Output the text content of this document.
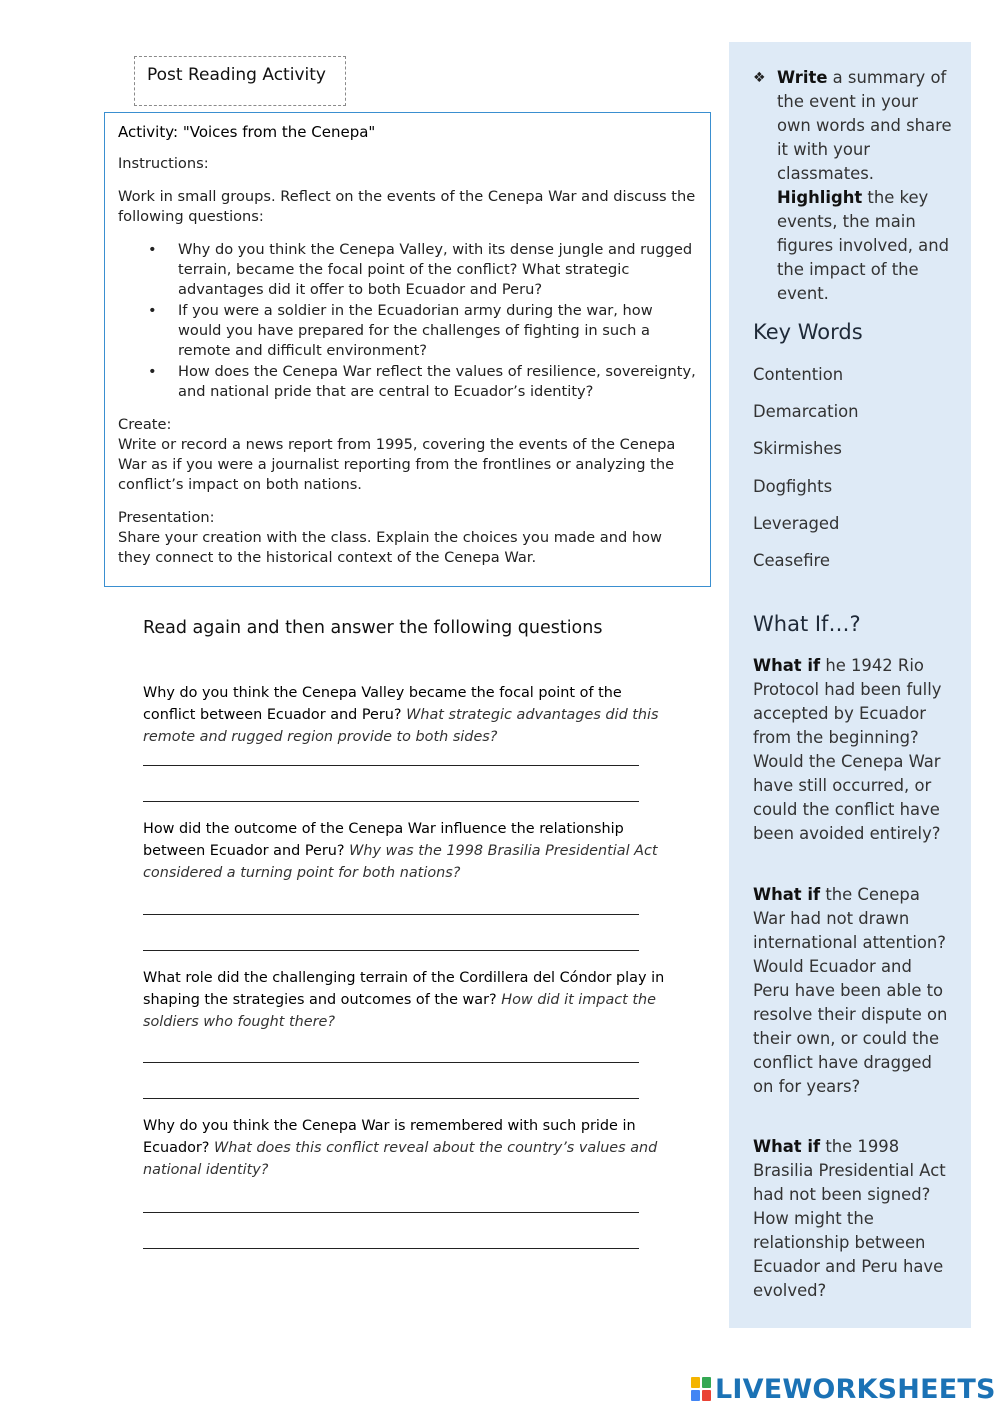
Post Reading Activity
Activity: "Voices from the Cenepa"

Instructions:

Work in small groups. Reflect on the events of the Cenepa War and discuss the following questions:

• Why do you think the Cenepa Valley, with its dense jungle and rugged terrain, became the focal point of the conflict? What strategic advantages did it offer to both Ecuador and Peru?
• If you were a soldier in the Ecuadorian army during the war, how would you have prepared for the challenges of fighting in such a remote and difficult environment?
• How does the Cenepa War reflect the values of resilience, sovereignty, and national pride that are central to Ecuador’s identity?

Create:

Write or record a news report from 1995, covering the events of the Cenepa War as if you were a journalist reporting from the frontlines or analyzing the conflict’s impact on both nations.

Presentation:

Share your creation with the class. Explain the choices you made and how they connect to the historical context of the Cenepa War.

Read again and then answer the following questions
Why do you think the Cenepa Valley became the focal point of the conflict between Ecuador and Peru? What strategic advantages did this remote and rugged region provide to both sides?
How did the outcome of the Cenepa War influence the relationship between Ecuador and Peru? Why was the 1998 Brasilia Presidential Act considered a turning point for both nations?
What role did the challenging terrain of the Cordillera del Cóndor play in shaping the strategies and outcomes of the war? How did it impact the soldiers who fought there?
Why do you think the Cenepa War is remembered with such pride in Ecuador? What does this conflict reveal about the country’s values and national identity?
❖ Write a summary of the event in your own words and share it with your classmates. Highlight the key events, the main figures involved, and the impact of the event.
Key Words
Contention
Demarcation
Skirmishes
Dogfights
Leveraged
Ceasefire
What If…?
What if he 1942 Rio Protocol had been fully accepted by Ecuador from the beginning? Would the Cenepa War have still occurred, or could the conflict have been avoided entirely?
What if the Cenepa War had not drawn international attention? Would Ecuador and Peru have been able to resolve their dispute on their own, or could the conflict have dragged on for years?
What if the 1998 Brasilia Presidential Act had not been signed? How might the relationship between Ecuador and Peru have evolved?
LIVEWORKSHEETS
